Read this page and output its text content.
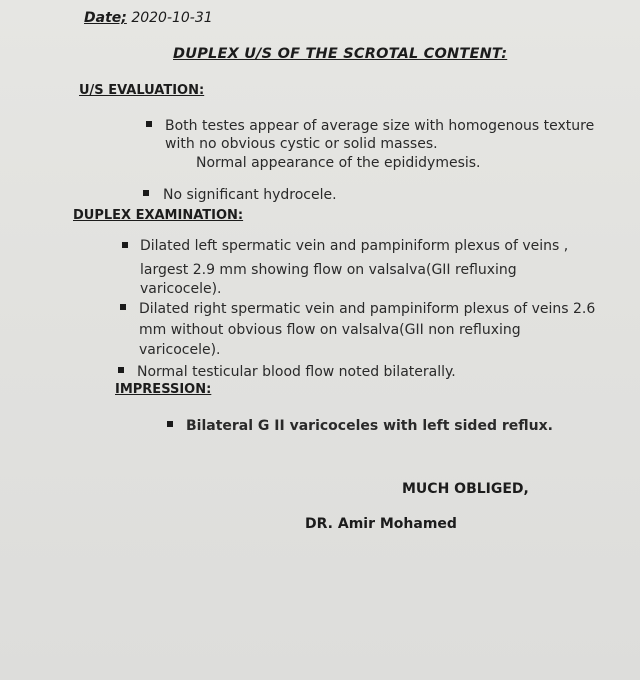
Date; 2020-10-31
DUPLEX U/S OF THE SCROTAL CONTENT:
U/S EVALUATION:
Both testes appear of average size with homogenous texture
with no obvious cystic or solid masses.
Normal appearance of the epididymesis.
No significant hydrocele.
DUPLEX EXAMINATION:
Dilated left spermatic vein and pampiniform plexus of veins ,
largest 2.9 mm showing flow on valsalva(GII refluxing
varicocele).
Dilated right spermatic vein and pampiniform plexus of veins 2.6
mm without obvious flow on valsalva(GII non refluxing
varicocele).
Normal testicular blood flow noted bilaterally.
IMPRESSION:
Bilateral G II varicoceles with left sided reflux.
MUCH OBLIGED,
DR. Amir Mohamed
